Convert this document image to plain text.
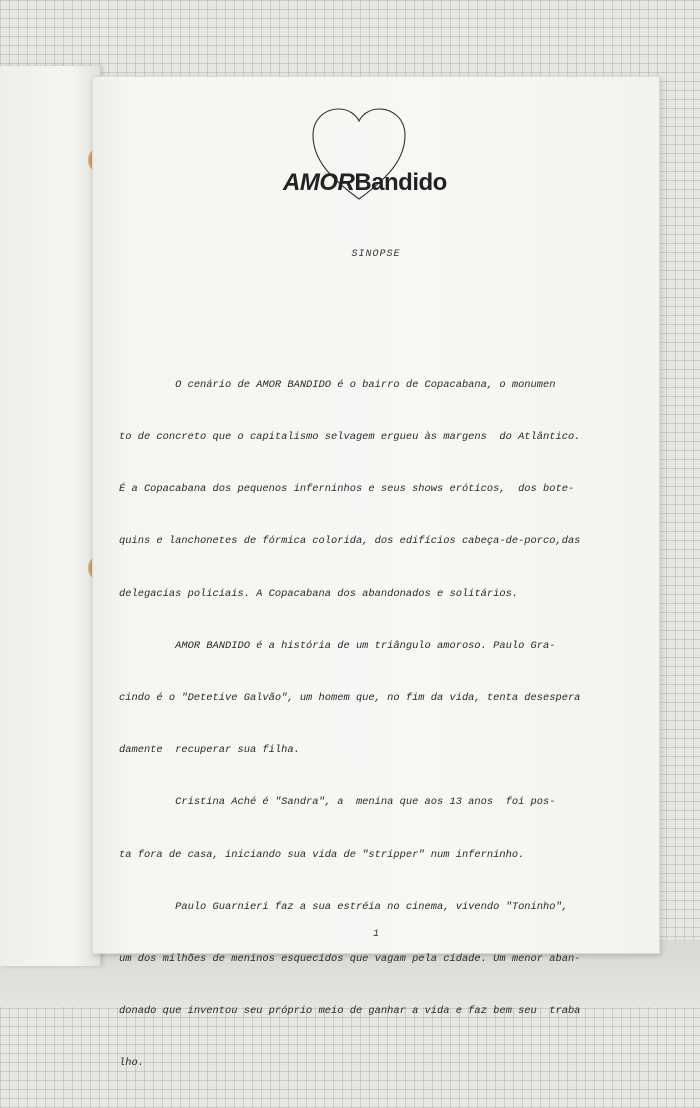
AMORBandido
SINOPSE

O cenário de AMOR BANDIDO é o bairro de Copacabana, o monumen

to de concreto que o capitalismo selvagem ergueu às margens  do Atlântico.

É a Copacabana dos pequenos inferninhos e seus shows eróticos,  dos bote-

quins e lanchonetes de fórmica colorida, dos edifícios cabeça-de-porco,das

delegacias policiais. A Copacabana dos abandonados e solitários.

AMOR BANDIDO é a história de um triângulo amoroso. Paulo Gra-

cindo é o "Detetive Galvão", um homem que, no fim da vida, tenta desespera

damente  recuperar sua filha.

Cristina Aché é "Sandra", a  menina que aos 13 anos  foi pos-

ta fora de casa, iniciando sua vida de "stripper" num inferninho.

Paulo Guarnieri faz a sua estréia no cinema, vivendo "Toninho",

um dos milhões de meninos esquecidos que vagam pela cidade. Um menor aban-

donado que inventou seu próprio meio de ganhar a vida e faz bem seu  traba

lho.

1
